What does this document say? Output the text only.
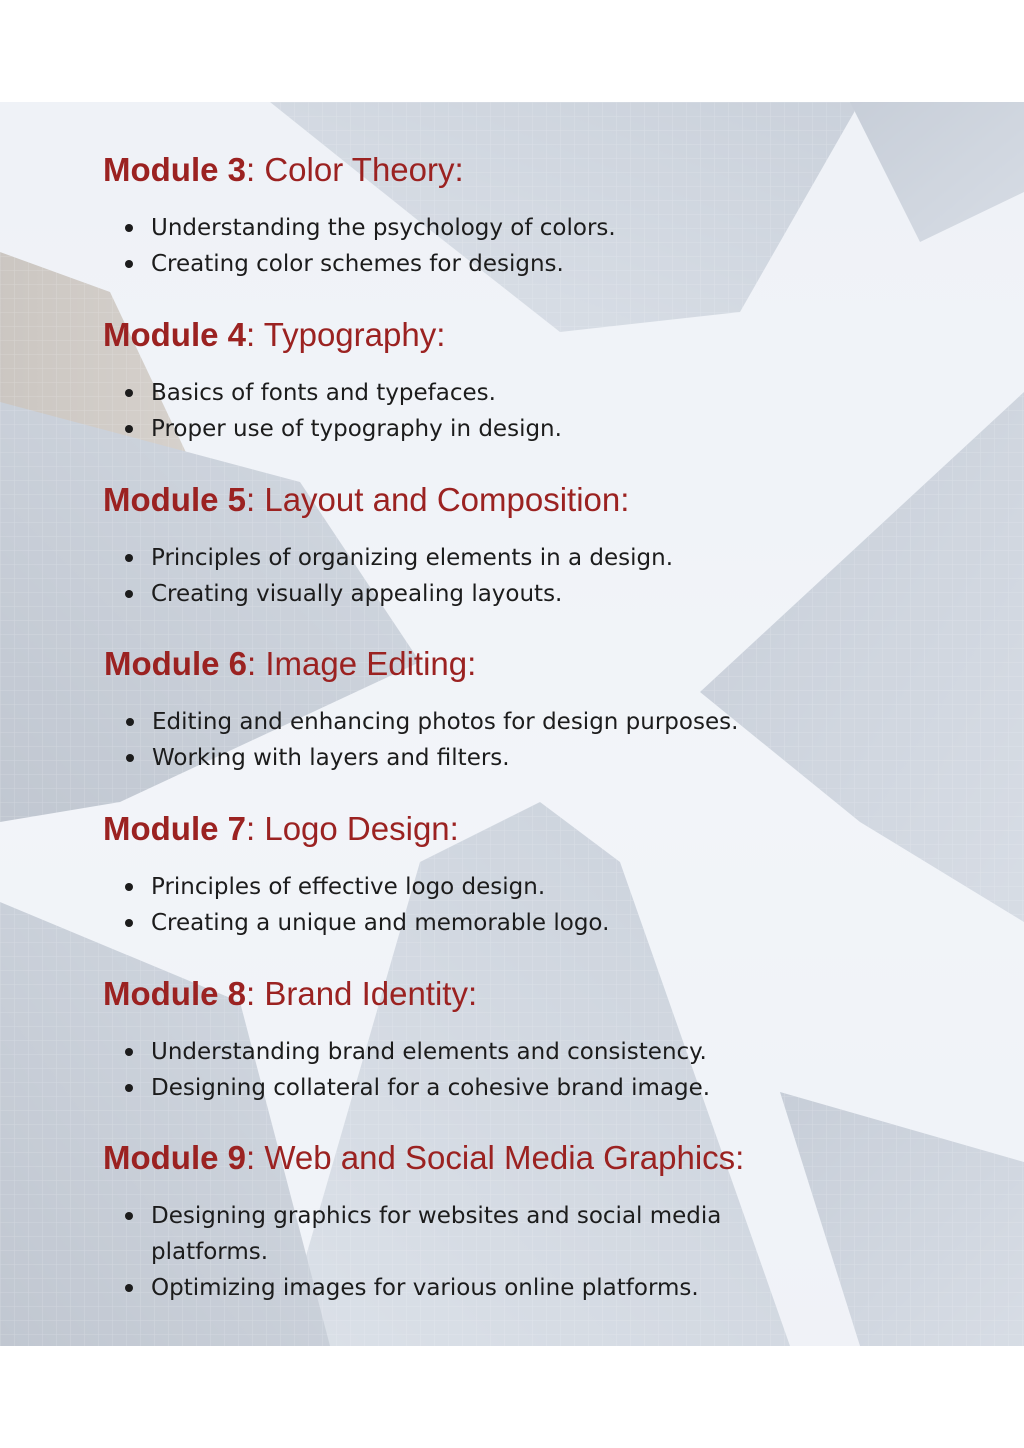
Module 3: Color Theory:
Understanding the psychology of colors.
Creating color schemes for designs.
Module 4: Typography:
Basics of fonts and typefaces.
Proper use of typography in design.
Module 5: Layout and Composition:
Principles of organizing elements in a design.
Creating visually appealing layouts.
Module 6: Image Editing:
Editing and enhancing photos for design purposes.
Working with layers and filters.
Module 7: Logo Design:
Principles of effective logo design.
Creating a unique and memorable logo.
Module 8: Brand Identity:
Understanding brand elements and consistency.
Designing collateral for a cohesive brand image.
Module 9: Web and Social Media Graphics:
Designing graphics for websites and social media platforms.
Optimizing images for various online platforms.
